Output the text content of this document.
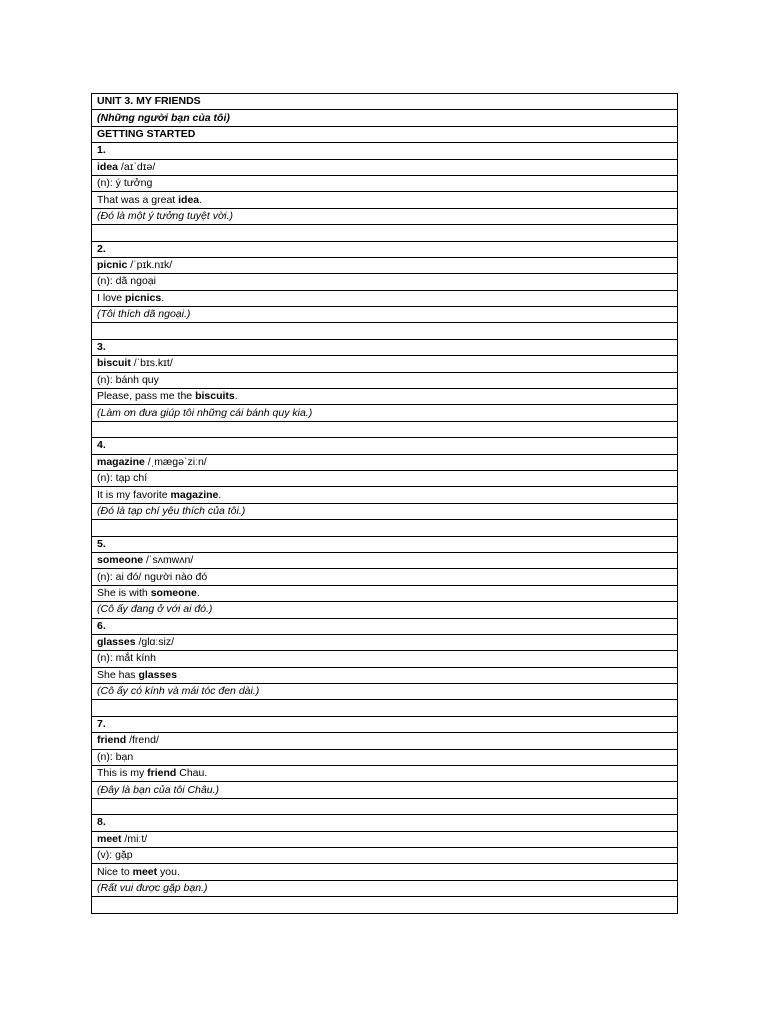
UNIT 3. MY FRIENDS
(Những người bạn của tôi)
GETTING STARTED
1.
idea /aɪˈdɪə/
(n): ý tưởng
That was a great idea.
(Đó là một ý tưởng tuyệt vời.)

2.
picnic /ˈpɪk.nɪk/
(n): dã ngoại
I love picnics.
(Tôi thích dã ngoại.)

3.
biscuit /ˈbɪs.kɪt/
(n): bánh quy
Please, pass me the biscuits.
(Làm ơn đưa giúp tôi những cái bánh quy kia.)

4.
magazine /ˌmæɡəˈziːn/
(n): tạp chí
It is my favorite magazine.
(Đó là tạp chí yêu thích của tôi.)

5.
someone /ˈsʌmwʌn/
(n): ai đó/ người nào đó
She is with someone.
(Cô ấy đang ở với ai đó.)
6.
glasses /ɡlɑːsiz/
(n): mắt kính
She has glasses
(Cô ấy có kính và mái tóc đen dài.)

7.
friend /frend/
(n): bạn
This is my friend Chau.
(Đây là bạn của tôi Châu.)

8.
meet /miːt/
(v): gặp
Nice to meet you.
(Rất vui được gặp bạn.)
